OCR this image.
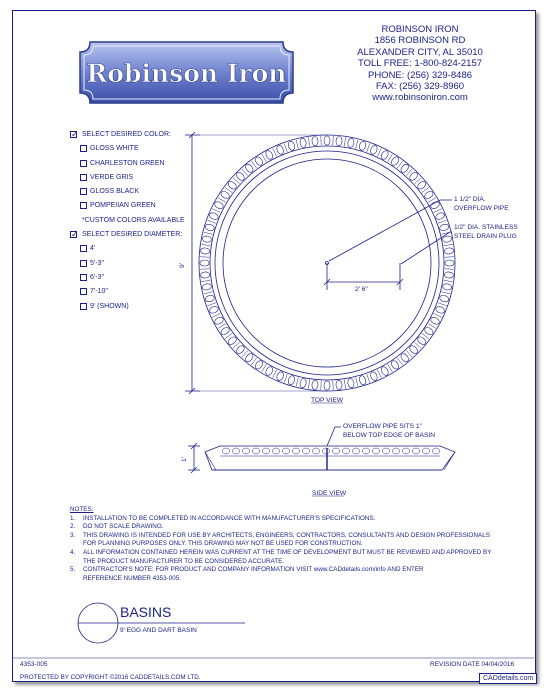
Robinson Iron
ROBINSON IRON
1856 ROBINSON RD
ALEXANDER CITY, AL 35010
TOLL FREE: 1-800-824-2157
PHONE: (256) 329-8486
FAX: (256) 329-8960
www.robinsoniron.com
✓
SELECT DESIRED COLOR:
GLOSS WHITE
CHARLESTON GREEN
VERDE GRIS
GLOSS BLACK
POMPEIIAN GREEN
*CUSTOM COLORS AVAILABLE
✓
SELECT DESIRED DIAMETER:
4'
5'-3"
6'-3"
7'-10"
9' (SHOWN)
9'
2' 6"
1 1/2" DIA.
OVERFLOW PIPE
1/2" DIA. STAINLESS
STEEL DRAIN PLUG
TOP VIEW
OVERFLOW PIPE SITS 1"
BELOW TOP EDGE OF BASIN
1'
SIDE VIEW
NOTES:
1. INSTALLATION TO BE COMPLETED IN ACCORDANCE WITH MANUFACTURER'S SPECIFICATIONS.
2. DO NOT SCALE DRAWING.
3. THIS DRAWING IS INTENDED FOR USE BY ARCHITECTS, ENGINEERS, CONTRACTORS, CONSULTANTS AND DESIGN PROFESSIONALS
FOR PLANNING PURPOSES ONLY. THIS DRAWING MAY NOT BE USED FOR CONSTRUCTION.
4. ALL INFORMATION CONTAINED HEREIN WAS CURRENT AT THE TIME OF DEVELOPMENT BUT MUST BE REVIEWED AND APPROVED BY
THE PRODUCT MANUFACTURER TO BE CONSIDERED ACCURATE.
5. CONTRACTOR'S NOTE: FOR PRODUCT AND COMPANY INFORMATION VISIT www.CADdetails.com/info AND ENTER
REFERENCE NUMBER 4353-005.
BASINS
9' EGG AND DART BASIN
4353-005	REVISION DATE 04/04/2016
PROTECTED BY COPYRIGHT ©2016 CADDETAILS.COM LTD.	CADdetails.com
